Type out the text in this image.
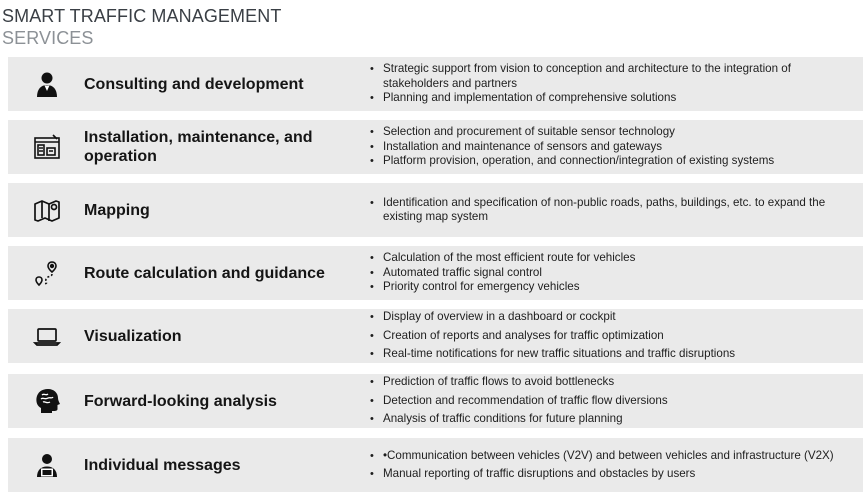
SMART TRAFFIC MANAGEMENT
SERVICES
Consulting and development
• Strategic support from vision to conception and architecture to the integration of stakeholders and partners
• Planning and implementation of comprehensive solutions
Installation, maintenance, and operation
• Selection and procurement of suitable sensor technology
• Installation and maintenance of sensors and gateways
• Platform provision, operation, and connection/integration of existing systems
Mapping
•	Identification and specification of non-public roads, paths, buildings, etc. to expand the existing map system
Route calculation and guidance
• Calculation of the most efficient route for vehicles
• Automated traffic signal control
• Priority control for emergency vehicles
Visualization
• Display of overview in a dashboard or cockpit
• Creation of reports and analyses for traffic optimization
• Real-time notifications for new traffic situations and traffic disruptions
Forward-looking analysis
• Prediction of traffic flows to avoid bottlenecks
• Detection and recommendation of traffic flow diversions
• Analysis of traffic conditions for future planning
Individual messages
• •Communication between vehicles (V2V) and between vehicles and infrastructure (V2X)
• Manual reporting of traffic disruptions and obstacles by users
